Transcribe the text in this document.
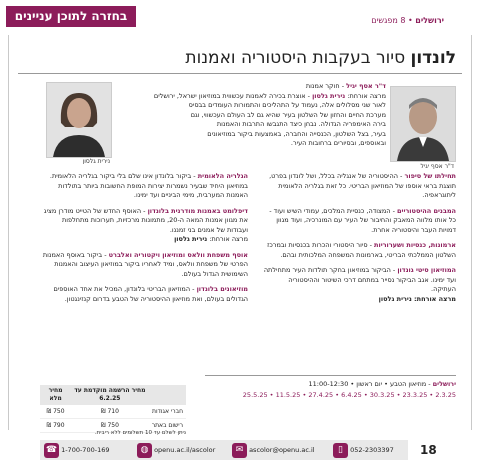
בחזרה לתוכן עניינים	ירושלים • 8 מפגשים
לונדון סיור בעקבות היסטוריה ואמנות
ד"ר אסף יגיל
נירית גלסון
ד"ר אסף יגיל - חוקר אמנות
מרצה אורחת: נירית גלסון - אוצרת בכירה לאמנות עכשווית במוזיאון ישראל, ירושלים
לאור שני מסלולים אלה, נעמוד על התהליכים והתמורות העומדים בבסיס
מערכת החיים והחזון של השלטון בעיר שהיא גם לב העולם העכשווי, וגם
בירה האימפריה הגדולה. נבחן כיצד התגבשו התרבות והאמנות
בעיר, בצל השלטון, הכנסייה והחברה, באמצעות ביקור במוזיאונים
ובאוספים, ובסיורים ברחובות העיר.

תחילתו של סיפור - ההיסטוריה של אנגליה בכלל, ושל לונדון בפרט, תוצגת בראי אוספו של המוזיאון הבריטי. כל זאת בגלריה הלאומית ליתוגראפיה.

המבנים ההיסטוריים - המצודה, כנסיית המלכים, עמודי השיש ועוד - כל אותו מלווה המאבק והחיבור של העיר עם המונרכיה, ועוד מגוון דמויות העבר והיסטוריה אחרת.

ארמונות, כנסיות ושערוריות - סיור היסטורי והכרות בכנסיות ובמרכז השלטון הממלכתי הבריטי, בארמונות המשפחה המלכותית ובהם.

המוזיאון סיטי גונדון - הביקור במוזיאון בחקר תולדות העיר מתחילתה ועד ימינו. אגב הביקור נסייר במתחם דרכי השיטור וההיסטוריה העתיקה.

מרצה אורחת: נירית גלסון

הגלריה הלאומית - ביקור בלונדון אינו שלם בלי ביקור בגלריה הלאומית. במוזיאון היחיד שבעיר נשמרות יצירות המופת החשובות ביותר בתולדות האמנות המערבית, מימי הביניים ועד ימינו.

דיפלומט באמנות מודרנית בלונדון - האוסף החדש של הטייט מודרן מציג את מגוון אמנות המאה ה-20, מתמונות מרכזיות, תערוכות מתחלפות ועבודות של אמנים בני זמננו.

מרצה אורחת: נירית גלסון

אוסף משפחת וולאס ומוזיאון ויקטוריה ואלברט - ביקור באוסף האמנות הפרטי של משפחת וולאס, ומיד לאחריו ביקור במוזיאון העיצוב והאמנות השימושית הגדול בעולם.

מוזיאונים בלונדון - המוזיאון הבריטי בלונדון, המכיל את אחד האוספים הגדולים בעולם, ואת מוזיאון ההיסטוריה של הטבע בדרום קנזינגטון.

ירושלים - מוזיאון הטבע • יום ראשון • 11:00-12:30
25.5.25 • 11.5.25 • 27.4.25 • 6.4.25 • 30.3.25 • 23.3.25 • 2.3.25
	מחיר הרשמה מוקדמת עד 6.2.25	מחיר מלא
חברי אגודות	710 ₪	750 ₪
רישום באתר	750 ₪	790 ₪
ניתן לשלם עד 10 תשלומים ללא ריבית.
☎ 1-700-700-169	◍ openu.ac.il/ascolor	✉ ascolor@openu.ac.il	▯ 052-2303397 18
